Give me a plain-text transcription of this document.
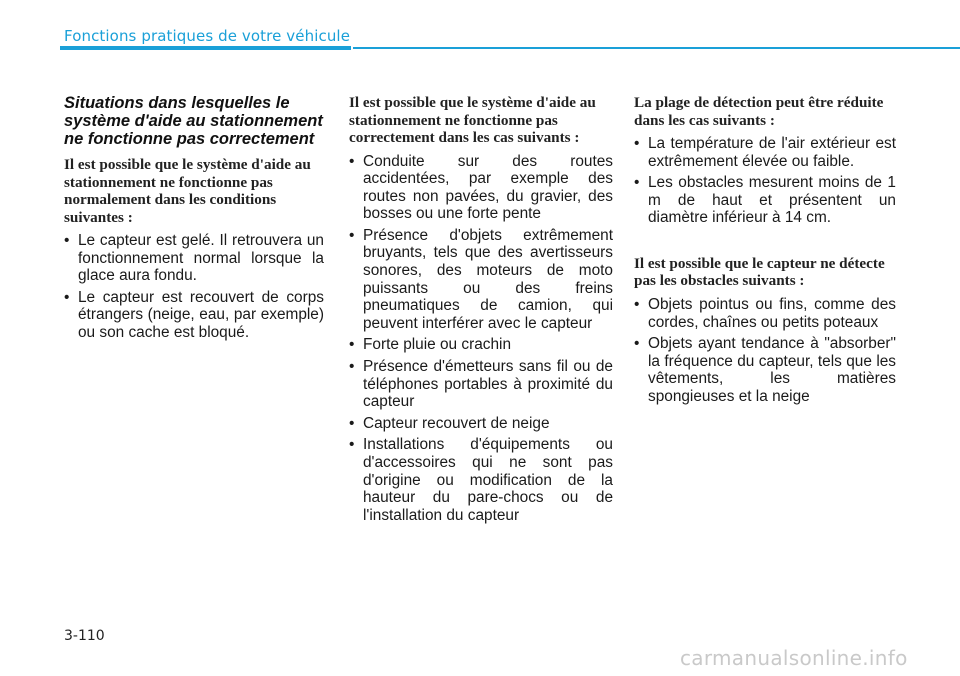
Fonctions pratiques de votre véhicule
Situations dans lesquelles le système d'aide au stationnement ne fonctionne pas correctement
Il est possible que le système d'aide au stationnement ne fonctionne pas normalement dans les conditions suivantes :
• Le capteur est gelé. Il retrouvera un fonctionnement normal lorsque la glace aura fondu.
• Le capteur est recouvert de corps étrangers (neige, eau, par exemple) ou son cache est bloqué.
Il est possible que le système d'aide au stationnement ne fonctionne pas correctement dans les cas suivants :
• Conduite sur des routes accidentées, par exemple des routes non pavées, du gravier, des bosses ou une forte pente
• Présence d'objets extrêmement bruyants, tels que des avertisseurs sonores, des moteurs de moto puissants ou des freins pneumatiques de camion, qui peuvent interférer avec le capteur
• Forte pluie ou crachin
• Présence d'émetteurs sans fil ou de téléphones portables à proximité du capteur
• Capteur recouvert de neige
• Installations d'équipements ou d'accessoires qui ne sont pas d'origine ou modification de la hauteur du pare-chocs ou de l'installation du capteur
La plage de détection peut être réduite dans les cas suivants :
• La température de l'air extérieur est extrêmement élevée ou faible.
• Les obstacles mesurent moins de 1 m de haut et présentent un diamètre inférieur à 14 cm.
Il est possible que le capteur ne détecte pas les obstacles suivants :
• Objets pointus ou fins, comme des cordes, chaînes ou petits poteaux
• Objets ayant tendance à "absorber" la fréquence du capteur, tels que les vêtements, les matières spongieuses et la neige
3-110
carmanualsonline.info
